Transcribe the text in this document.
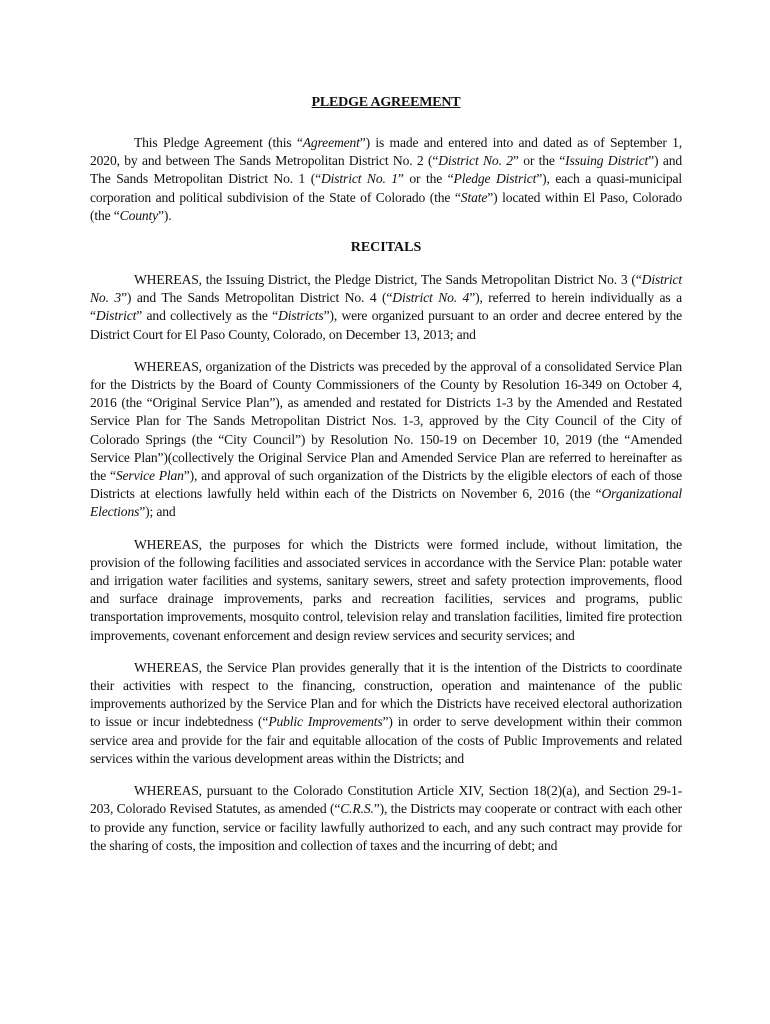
PLEDGE AGREEMENT

This Pledge Agreement (this “Agreement”) is made and entered into and dated as of September 1, 2020, by and between The Sands Metropolitan District No. 2 (“District No. 2” or the “Issuing District”) and The Sands Metropolitan District No. 1 (“District No. 1” or the “Pledge District”), each a quasi-municipal corporation and political subdivision of the State of Colorado (the “State”) located within El Paso, Colorado (the “County”).

RECITALS

WHEREAS, the Issuing District, the Pledge District, The Sands Metropolitan District No. 3 (“District No. 3”) and The Sands Metropolitan District No. 4 (“District No. 4”), referred to herein individually as a “District” and collectively as the “Districts”), were organized pursuant to an order and decree entered by the District Court for El Paso County, Colorado, on December 13, 2013; and

WHEREAS, organization of the Districts was preceded by the approval of a consolidated Service Plan for the Districts by the Board of County Commissioners of the County by Resolution 16-349 on October 4, 2016 (the “Original Service Plan”), as amended and restated for Districts 1-3 by the Amended and Restated Service Plan for The Sands Metropolitan District Nos. 1-3, approved by the City Council of the City of Colorado Springs (the “City Council”) by Resolution No. 150-19 on December 10, 2019 (the “Amended Service Plan”)(collectively the Original Service Plan and Amended Service Plan are referred to hereinafter as the “Service Plan”), and approval of such organization of the Districts by the eligible electors of each of those Districts at elections lawfully held within each of the Districts on November 6, 2016 (the “Organizational Elections”); and

WHEREAS, the purposes for which the Districts were formed include, without limitation, the provision of the following facilities and associated services in accordance with the Service Plan: potable water and irrigation water facilities and systems, sanitary sewers, street and safety protection improvements, flood and surface drainage improvements, parks and recreation facilities, services and programs, public transportation improvements, mosquito control, television relay and translation facilities, limited fire protection improvements, covenant enforcement and design review services and security services; and

WHEREAS, the Service Plan provides generally that it is the intention of the Districts to coordinate their activities with respect to the financing, construction, operation and maintenance of the public improvements authorized by the Service Plan and for which the Districts have received electoral authorization to issue or incur indebtedness (“Public Improvements”) in order to serve development within their common service area and provide for the fair and equitable allocation of the costs of Public Improvements and related services within the various development areas within the Districts; and

WHEREAS, pursuant to the Colorado Constitution Article XIV, Section 18(2)(a), and Section 29-1-203, Colorado Revised Statutes, as amended (“C.R.S.”), the Districts may cooperate or contract with each other to provide any function, service or facility lawfully authorized to each, and any such contract may provide for the sharing of costs, the imposition and collection of taxes and the incurring of debt; and
